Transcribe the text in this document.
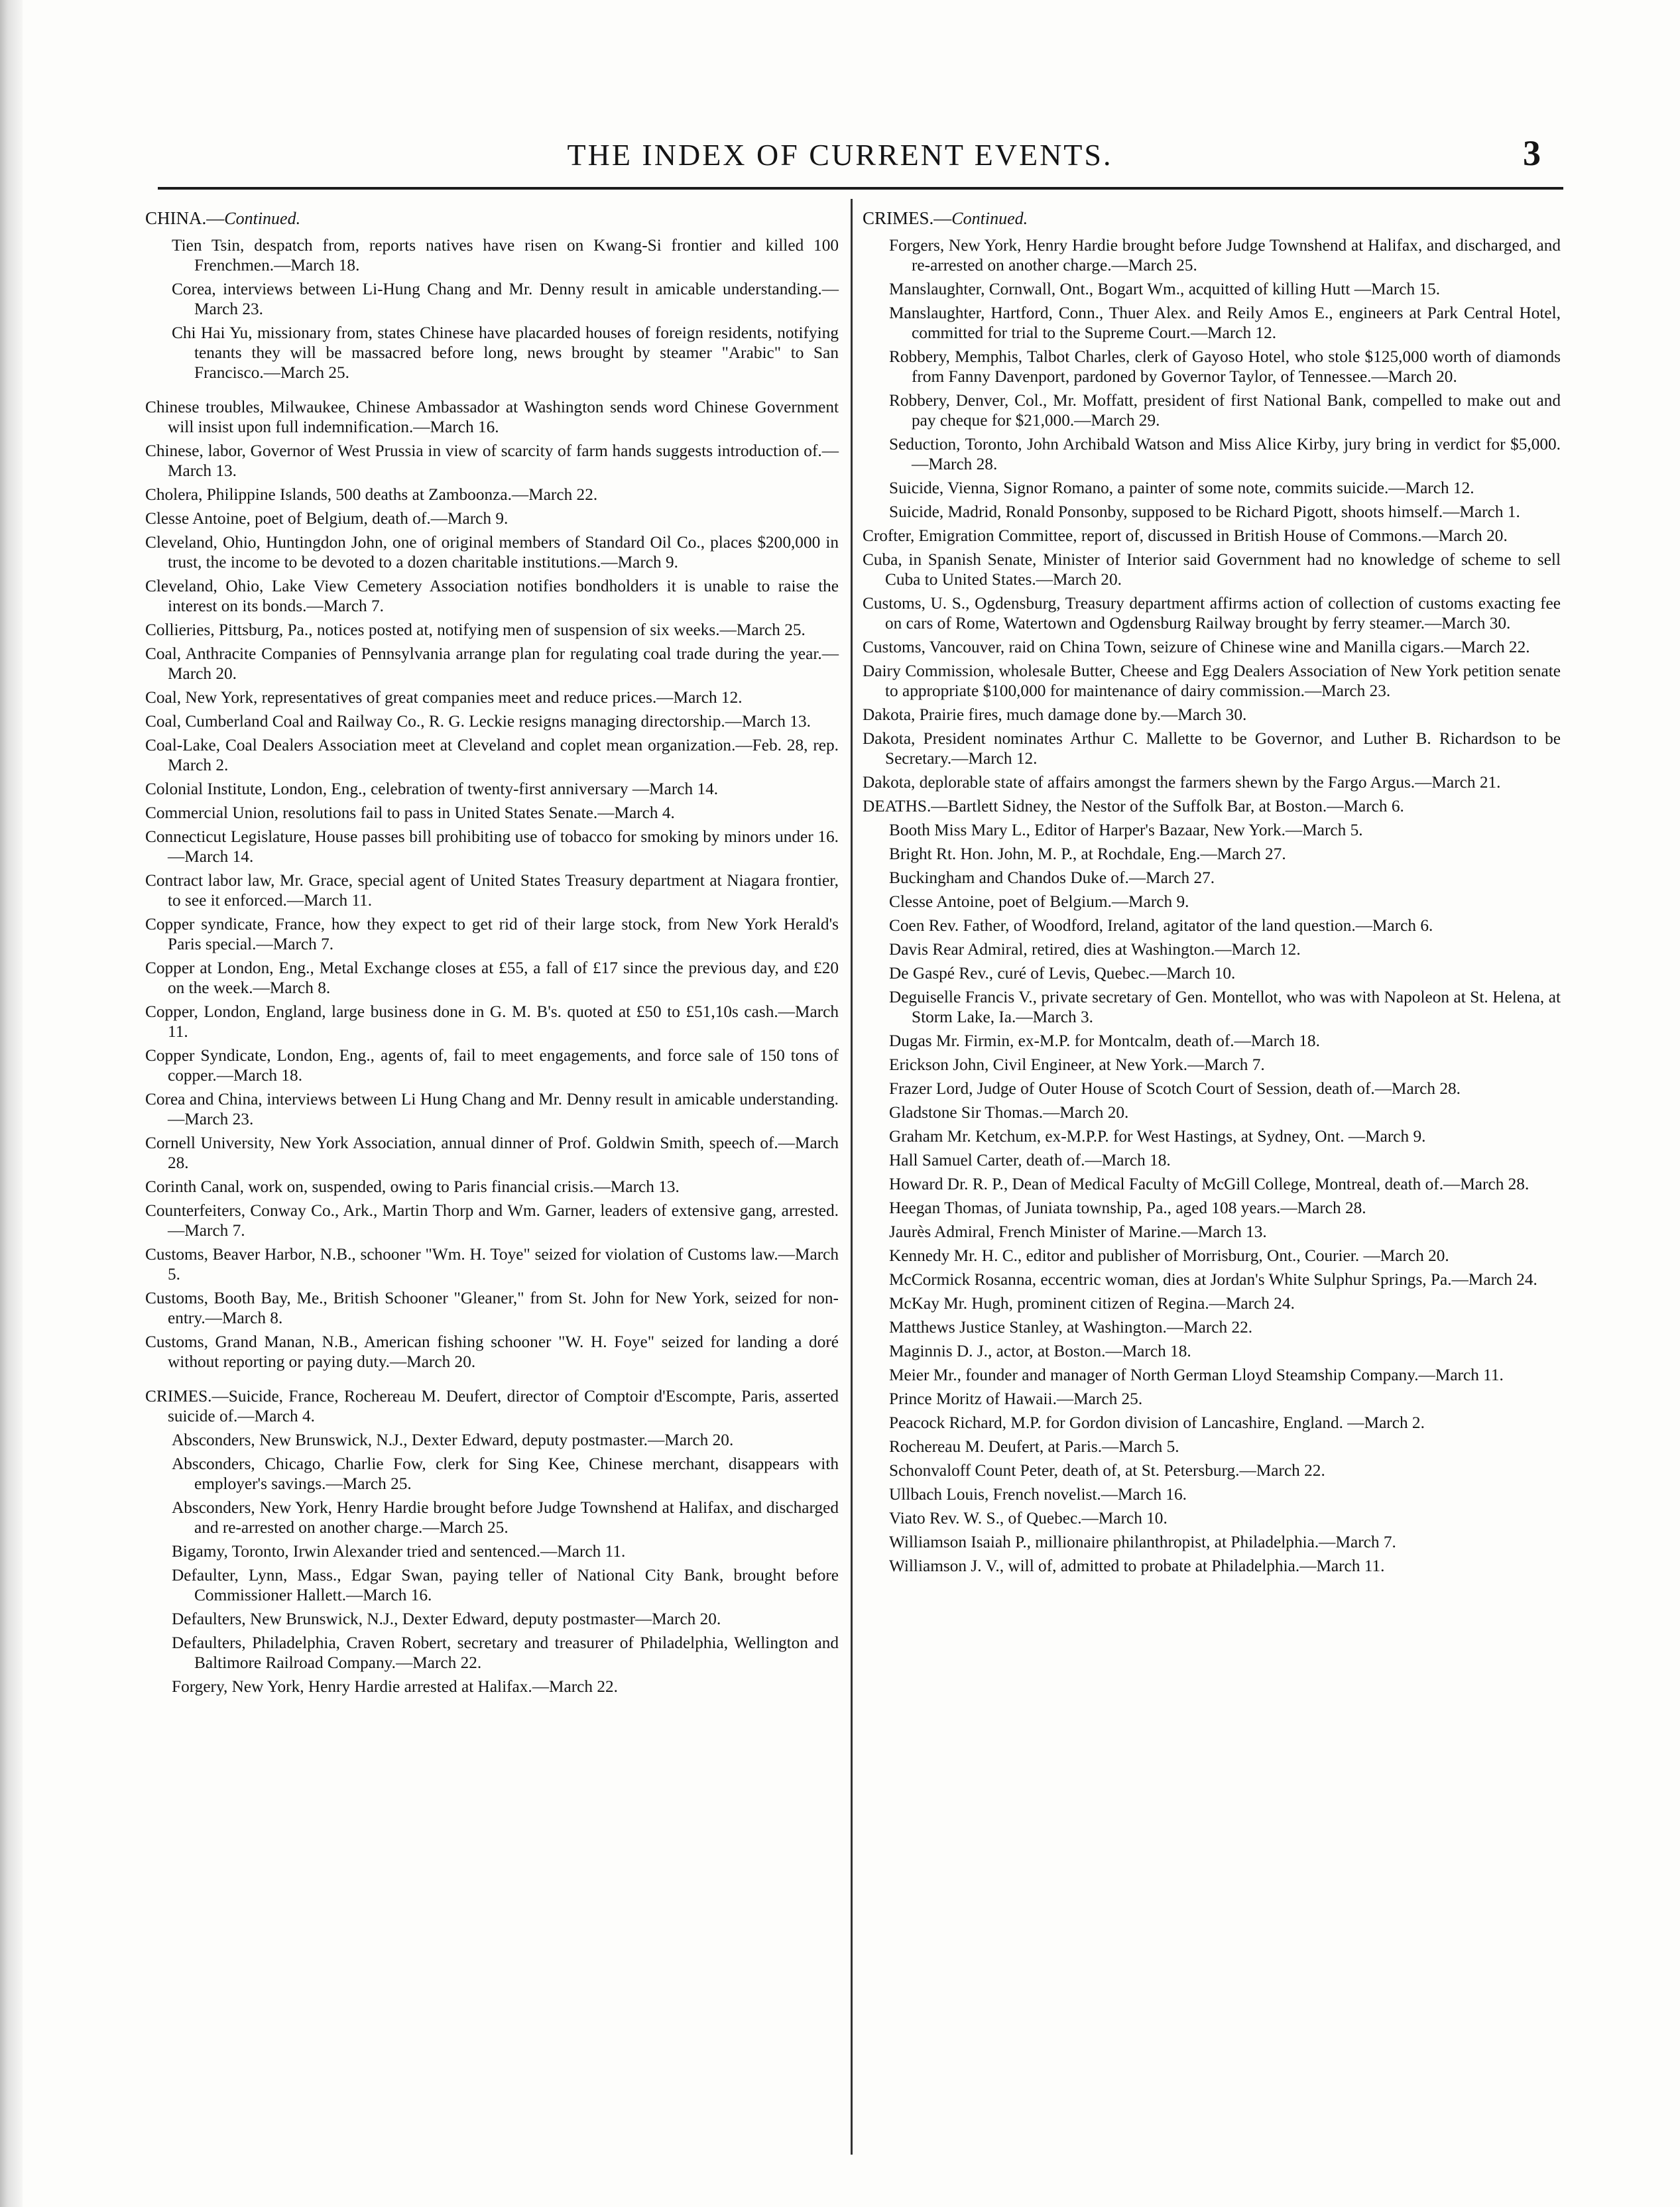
THE INDEX OF CURRENT EVENTS.	3
CHINA.—Continued.
Tien Tsin, despatch from, reports natives have risen on Kwang-Si frontier and killed 100 Frenchmen.—March 18.
Corea, interviews between Li-Hung Chang and Mr. Denny result in amicable understanding.—March 23.
Chi Hai Yu, missionary from, states Chinese have placarded houses of foreign residents, notifying tenants they will be massacred before long, news brought by steamer "Arabic" to San Francisco.—March 25.
Chinese troubles, Milwaukee, Chinese Ambassador at Washington sends word Chinese Government will insist upon full indemnification.—March 16.
Chinese, labor, Governor of West Prussia in view of scarcity of farm hands suggests introduction of.—March 13.
Cholera, Philippine Islands, 500 deaths at Zamboonza.—March 22.
Clesse Antoine, poet of Belgium, death of.—March 9.
Cleveland, Ohio, Huntingdon John, one of original members of Standard Oil Co., places $200,000 in trust, the income to be devoted to a dozen charitable institutions.—March 9.
Cleveland, Ohio, Lake View Cemetery Association notifies bondholders it is unable to raise the interest on its bonds.—March 7.
Collieries, Pittsburg, Pa., notices posted at, notifying men of suspension of six weeks.—March 25.
Coal, Anthracite Companies of Pennsylvania arrange plan for regulating coal trade during the year.—March 20.
Coal, New York, representatives of great companies meet and reduce prices.—March 12.
Coal, Cumberland Coal and Railway Co., R. G. Leckie resigns managing directorship.—March 13.
Coal-Lake, Coal Dealers Association meet at Cleveland and coplet mean organization.—Feb. 28, rep. March 2.
Colonial Institute, London, Eng., celebration of twenty-first anniversary —March 14.
Commercial Union, resolutions fail to pass in United States Senate.—March 4.
Connecticut Legislature, House passes bill prohibiting use of tobacco for smoking by minors under 16.—March 14.
Contract labor law, Mr. Grace, special agent of United States Treasury department at Niagara frontier, to see it enforced.—March 11.
Copper syndicate, France, how they expect to get rid of their large stock, from New York Herald's Paris special.—March 7.
Copper at London, Eng., Metal Exchange closes at £55, a fall of £17 since the previous day, and £20 on the week.—March 8.
Copper, London, England, large business done in G. M. B's. quoted at £50 to £51,10s cash.—March 11.
Copper Syndicate, London, Eng., agents of, fail to meet engagements, and force sale of 150 tons of copper.—March 18.
Corea and China, interviews between Li Hung Chang and Mr. Denny result in amicable understanding.—March 23.
Cornell University, New York Association, annual dinner of Prof. Goldwin Smith, speech of.—March 28.
Corinth Canal, work on, suspended, owing to Paris financial crisis.—March 13.
Counterfeiters, Conway Co., Ark., Martin Thorp and Wm. Garner, leaders of extensive gang, arrested.—March 7.
Customs, Beaver Harbor, N.B., schooner "Wm. H. Toye" seized for violation of Customs law.—March 5.
Customs, Booth Bay, Me., British Schooner "Gleaner," from St. John for New York, seized for non-entry.—March 8.
Customs, Grand Manan, N.B., American fishing schooner "W. H. Foye" seized for landing a doré without reporting or paying duty.—March 20.
CRIMES.—Suicide, France, Rochereau M. Deufert, director of Comptoir d'Escompte, Paris, asserted suicide of.—March 4.
Absconders, New Brunswick, N.J., Dexter Edward, deputy postmaster.—March 20.
Absconders, Chicago, Charlie Fow, clerk for Sing Kee, Chinese merchant, disappears with employer's savings.—March 25.
Absconders, New York, Henry Hardie brought before Judge Townshend at Halifax, and discharged and re-arrested on another charge.—March 25.
Bigamy, Toronto, Irwin Alexander tried and sentenced.—March 11.
Defaulter, Lynn, Mass., Edgar Swan, paying teller of National City Bank, brought before Commissioner Hallett.—March 16.
Defaulters, New Brunswick, N.J., Dexter Edward, deputy postmaster—March 20.
Defaulters, Philadelphia, Craven Robert, secretary and treasurer of Philadelphia, Wellington and Baltimore Railroad Company.—March 22.
Forgery, New York, Henry Hardie arrested at Halifax.—March 22.
CRIMES.—Continued.
Forgers, New York, Henry Hardie brought before Judge Townshend at Halifax, and discharged, and re-arrested on another charge.—March 25.
Manslaughter, Cornwall, Ont., Bogart Wm., acquitted of killing Hutt —March 15.
Manslaughter, Hartford, Conn., Thuer Alex. and Reily Amos E., engineers at Park Central Hotel, committed for trial to the Supreme Court.—March 12.
Robbery, Memphis, Talbot Charles, clerk of Gayoso Hotel, who stole $125,000 worth of diamonds from Fanny Davenport, pardoned by Governor Taylor, of Tennessee.—March 20.
Robbery, Denver, Col., Mr. Moffatt, president of first National Bank, compelled to make out and pay cheque for $21,000.—March 29.
Seduction, Toronto, John Archibald Watson and Miss Alice Kirby, jury bring in verdict for $5,000.—March 28.
Suicide, Vienna, Signor Romano, a painter of some note, commits suicide.—March 12.
Suicide, Madrid, Ronald Ponsonby, supposed to be Richard Pigott, shoots himself.—March 1.
Crofter, Emigration Committee, report of, discussed in British House of Commons.—March 20.
Cuba, in Spanish Senate, Minister of Interior said Government had no knowledge of scheme to sell Cuba to United States.—March 20.
Customs, U. S., Ogdensburg, Treasury department affirms action of collection of customs exacting fee on cars of Rome, Watertown and Ogdensburg Railway brought by ferry steamer.—March 30.
Customs, Vancouver, raid on China Town, seizure of Chinese wine and Manilla cigars.—March 22.
Dairy Commission, wholesale Butter, Cheese and Egg Dealers Association of New York petition senate to appropriate $100,000 for maintenance of dairy commission.—March 23.
Dakota, Prairie fires, much damage done by.—March 30.
Dakota, President nominates Arthur C. Mallette to be Governor, and Luther B. Richardson to be Secretary.—March 12.
Dakota, deplorable state of affairs amongst the farmers shewn by the Fargo Argus.—March 21.
DEATHS.—Bartlett Sidney, the Nestor of the Suffolk Bar, at Boston.—March 6.
Booth Miss Mary L., Editor of Harper's Bazaar, New York.—March 5.
Bright Rt. Hon. John, M. P., at Rochdale, Eng.—March 27.
Buckingham and Chandos Duke of.—March 27.
Clesse Antoine, poet of Belgium.—March 9.
Coen Rev. Father, of Woodford, Ireland, agitator of the land question.—March 6.
Davis Rear Admiral, retired, dies at Washington.—March 12.
De Gaspé Rev., curé of Levis, Quebec.—March 10.
Deguiselle Francis V., private secretary of Gen. Montellot, who was with Napoleon at St. Helena, at Storm Lake, Ia.—March 3.
Dugas Mr. Firmin, ex-M.P. for Montcalm, death of.—March 18.
Erickson John, Civil Engineer, at New York.—March 7.
Frazer Lord, Judge of Outer House of Scotch Court of Session, death of.—March 28.
Gladstone Sir Thomas.—March 20.
Graham Mr. Ketchum, ex-M.P.P. for West Hastings, at Sydney, Ont. —March 9.
Hall Samuel Carter, death of.—March 18.
Howard Dr. R. P., Dean of Medical Faculty of McGill College, Montreal, death of.—March 28.
Heegan Thomas, of Juniata township, Pa., aged 108 years.—March 28.
Jaurès Admiral, French Minister of Marine.—March 13.
Kennedy Mr. H. C., editor and publisher of Morrisburg, Ont., Courier. —March 20.
McCormick Rosanna, eccentric woman, dies at Jordan's White Sulphur Springs, Pa.—March 24.
McKay Mr. Hugh, prominent citizen of Regina.—March 24.
Matthews Justice Stanley, at Washington.—March 22.
Maginnis D. J., actor, at Boston.—March 18.
Meier Mr., founder and manager of North German Lloyd Steamship Company.—March 11.
Prince Moritz of Hawaii.—March 25.
Peacock Richard, M.P. for Gordon division of Lancashire, England. —March 2.
Rochereau M. Deufert, at Paris.—March 5.
Schonvaloff Count Peter, death of, at St. Petersburg.—March 22.
Ullbach Louis, French novelist.—March 16.
Viato Rev. W. S., of Quebec.—March 10.
Williamson Isaiah P., millionaire philanthropist, at Philadelphia.—March 7.
Williamson J. V., will of, admitted to probate at Philadelphia.—March 11.
